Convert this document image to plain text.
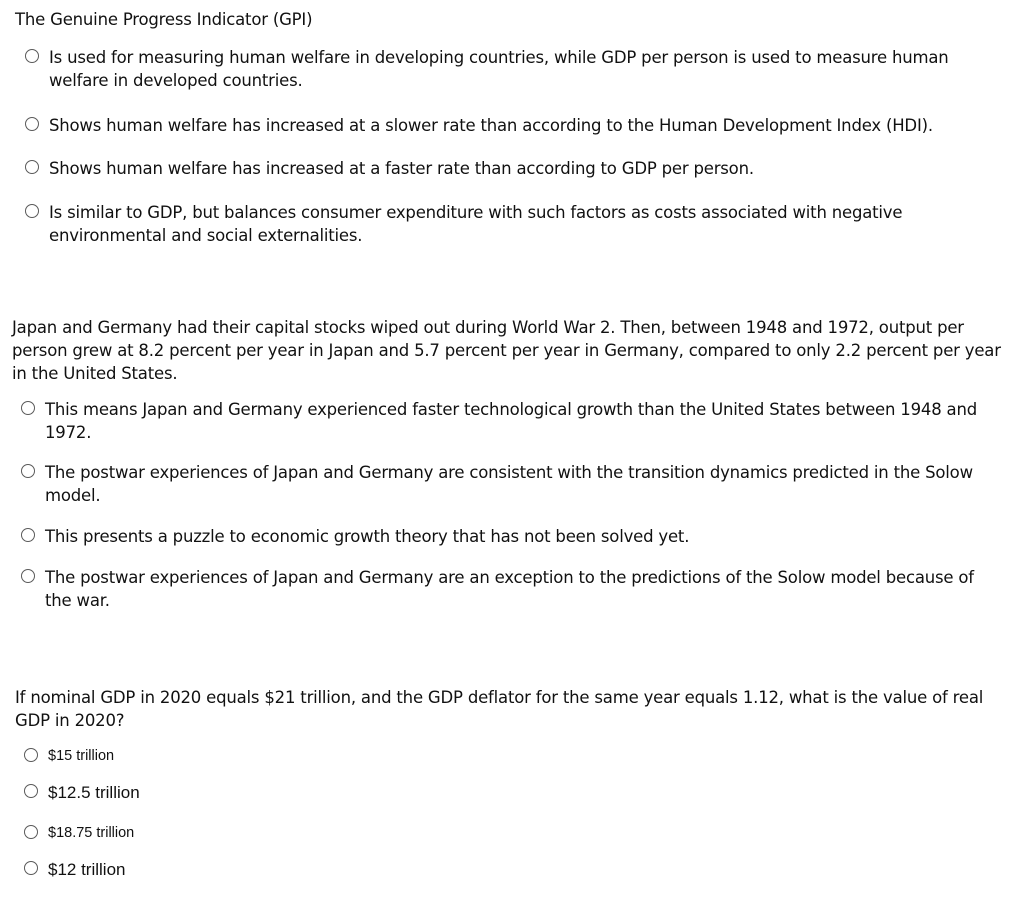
The Genuine Progress Indicator (GPI)

Is used for measuring human welfare in developing countries, while GDP per person is used to measure human welfare in developed countries.
Shows human welfare has increased at a slower rate than according to the Human Development Index (HDI).
Shows human welfare has increased at a faster rate than according to GDP per person.
Is similar to GDP, but balances consumer expenditure with such factors as costs associated with negative environmental and social externalities.

Japan and Germany had their capital stocks wiped out during World War 2. Then, between 1948 and 1972, output per person grew at 8.2 percent per year in Japan and 5.7 percent per year in Germany, compared to only 2.2 percent per year in the United States.

This means Japan and Germany experienced faster technological growth than the United States between 1948 and 1972.
The postwar experiences of Japan and Germany are consistent with the transition dynamics predicted in the Solow model.
This presents a puzzle to economic growth theory that has not been solved yet.
The postwar experiences of Japan and Germany are an exception to the predictions of the Solow model because of the war.

If nominal GDP in 2020 equals $21 trillion, and the GDP deflator for the same year equals 1.12, what is the value of real GDP in 2020?

$15 trillion
$12.5 trillion
$18.75 trillion
$12 trillion
